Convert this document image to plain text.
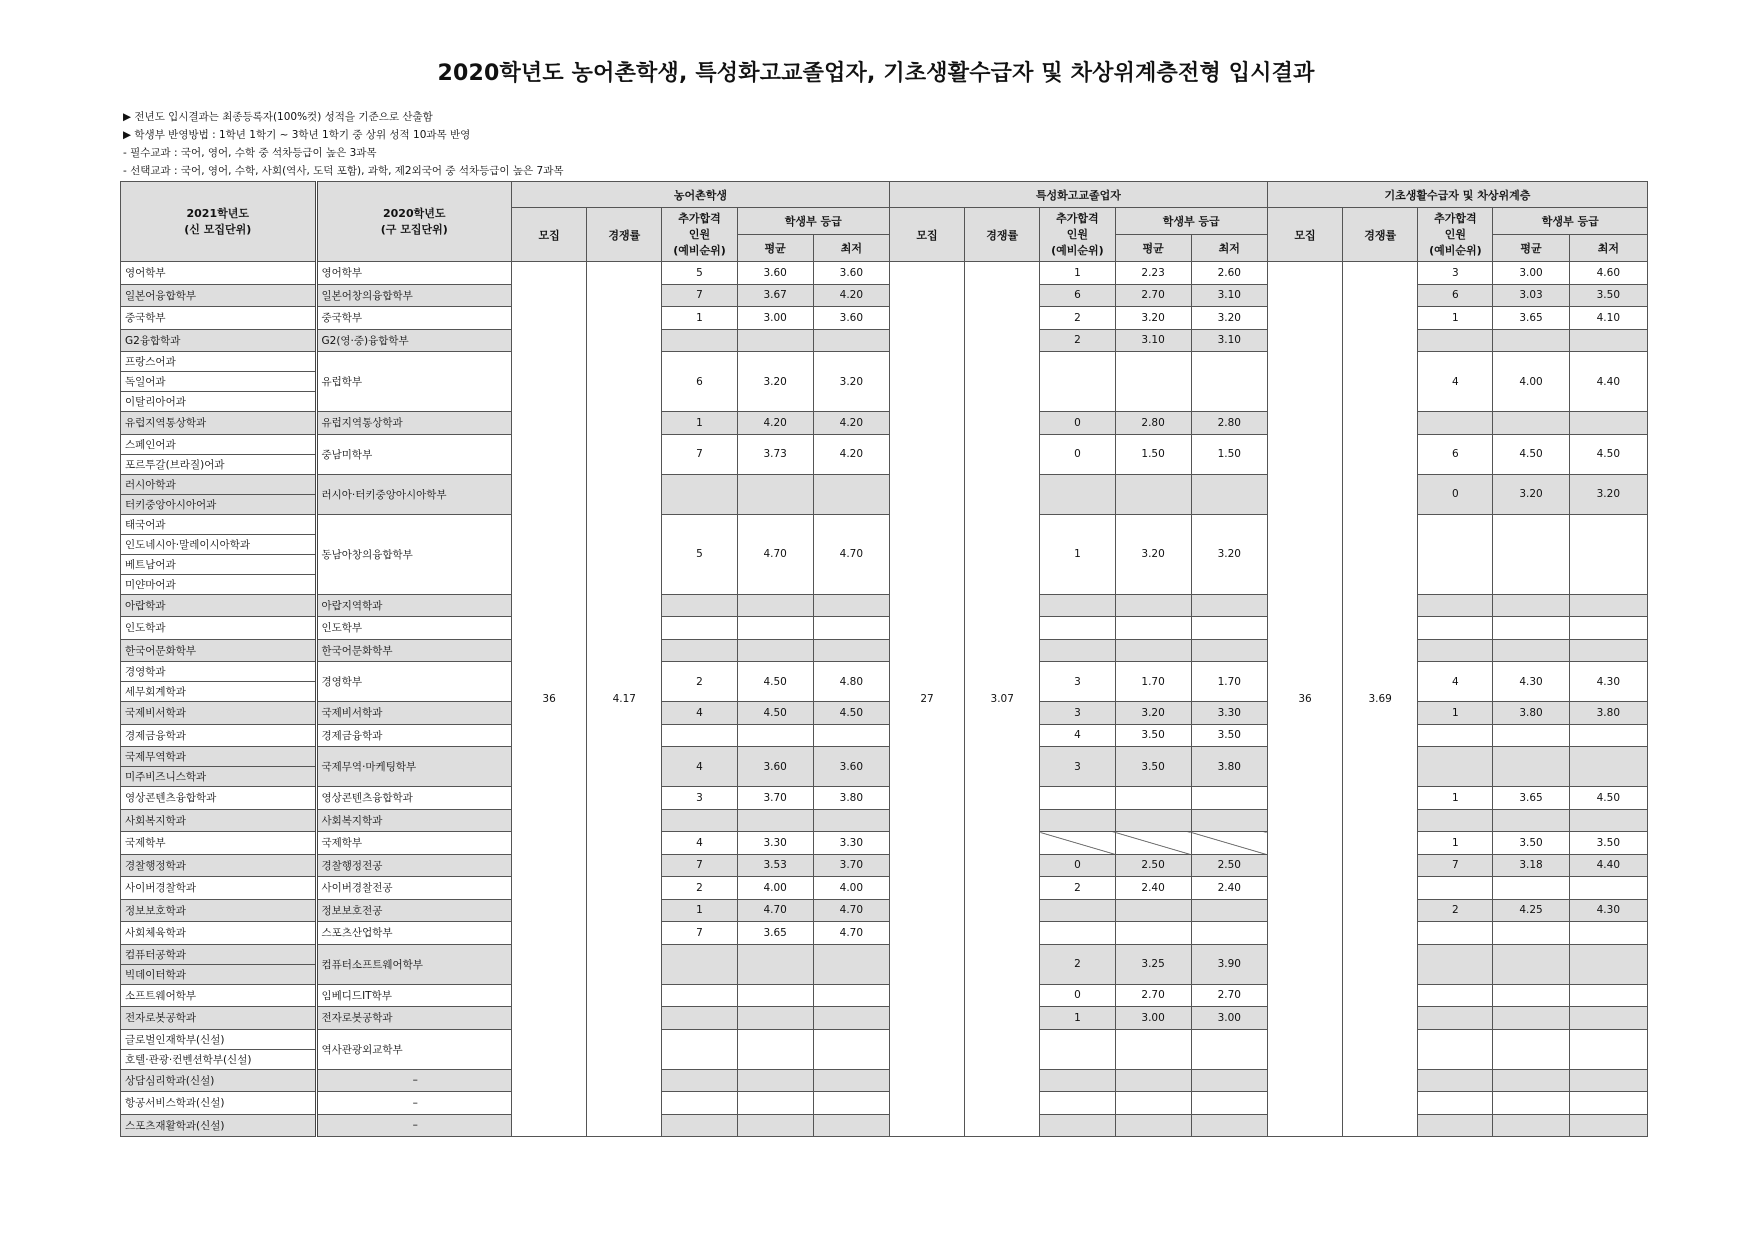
2020학년도 농어촌학생, 특성화고교졸업자, 기초생활수급자 및 차상위계층전형 입시결과
▶ 전년도 입시결과는 최종등록자(100%컷) 성적을 기준으로 산출함
▶ 학생부 반영방법 : 1학년 1학기 ~ 3학년 1학기 중 상위 성적 10과목 반영
- 필수교과 : 국어, 영어, 수학 중 석차등급이 높은 3과목
- 선택교과 : 국어, 영어, 수학, 사회(역사, 도덕 포함), 과학, 제2외국어 중 석차등급이 높은 7과목
2021학년도
(신 모집단위)	2020학년도
(구 모집단위)	농어촌학생					특성화고교졸업자					기초생활수급자 및 차상위계층				
		모집	경쟁률	추가합격
인원
(예비순위)	학생부 등급		모집	경쟁률	추가합격
인원
(예비순위)	학생부 등급		모집	경쟁률	추가합격
인원
(예비순위)	학생부 등급	
					평균	최저				평균	최저				평균	최저
영어학부	영어학부	36	4.17	5	3.60	3.60	27	3.07	1	2.23	2.60	36	3.69	3	3.00	4.60
일본어융합학부	일본어창의융합학부			7	3.67	4.20			6	2.70	3.10			6	3.03	3.50
중국학부	중국학부			1	3.00	3.60			2	3.20	3.20			1	3.65	4.10
G2융합학과	G2(영·중)융합학부								2	3.10	3.10					
프랑스어과	유럽학부			6	3.20	3.20								4	4.00	4.40
독일어과																
이탈리아어과																
유럽지역통상학과	유럽지역통상학과			1	4.20	4.20			0	2.80	2.80					
스페인어과	중남미학부			7	3.73	4.20			0	1.50	1.50			6	4.50	4.50
포르투갈(브라질)어과																
러시아학과	러시아·터키중앙아시아학부													0	3.20	3.20
터키중앙아시아어과																
태국어과	동남아창의융합학부			5	4.70	4.70			1	3.20	3.20					
인도네시아·말레이시아학과																
베트남어과																
미얀마어과																
아랍학과	아랍지역학과															
인도학과	인도학부															
한국어문화학부	한국어문화학부															
경영학과	경영학부			2	4.50	4.80			3	1.70	1.70			4	4.30	4.30
세무회계학과																
국제비서학과	국제비서학과			4	4.50	4.50			3	3.20	3.30			1	3.80	3.80
경제금융학과	경제금융학과								4	3.50	3.50					
국제무역학과	국제무역·마케팅학부			4	3.60	3.60			3	3.50	3.80					
미주비즈니스학과																
영상콘텐츠융합학과	영상콘텐츠융합학과			3	3.70	3.80								1	3.65	4.50
사회복지학과	사회복지학과															
국제학부	국제학부			4	3.30	3.30								1	3.50	3.50
경찰행정학과	경찰행정전공			7	3.53	3.70			0	2.50	2.50			7	3.18	4.40
사이버경찰학과	사이버경찰전공			2	4.00	4.00			2	2.40	2.40					
정보보호학과	정보보호전공			1	4.70	4.70								2	4.25	4.30
사회체육학과	스포츠산업학부			7	3.65	4.70										
컴퓨터공학과	컴퓨터소프트웨어학부								2	3.25	3.90					
빅데이터학과																
소프트웨어학부	임베디드IT학부								0	2.70	2.70					
전자로봇공학과	전자로봇공학과								1	3.00	3.00					
글로벌인재학부(신설)	역사관광외교학부															
호텔·관광·컨벤션학부(신설)																
상담심리학과(신설)	–															
항공서비스학과(신설)	–															
스포츠재활학과(신설)	–															
